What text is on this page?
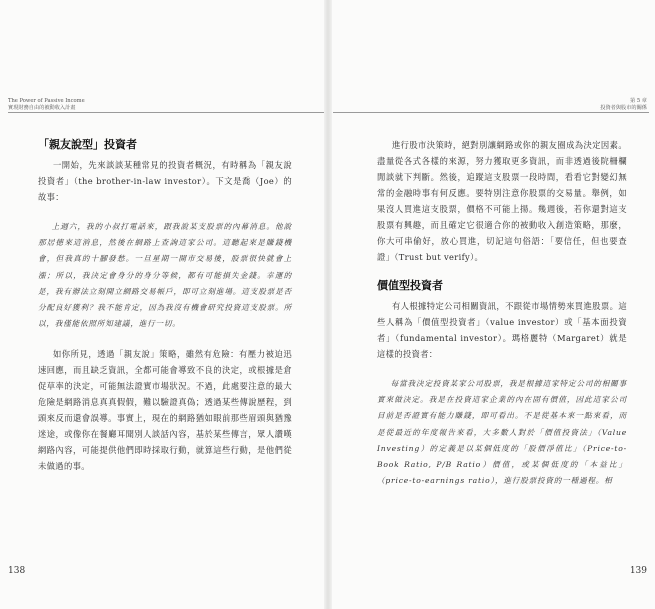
The Power of Passive Income
實現財務自由的被動收入計畫
「親友說型」投資者

一開始，先來談談某種常見的投資者概況，有時稱為「親友說投資者」（the brother-in-law investor）。下文是喬（Joe）的故事：

上週六，我的小叔打電話來，跟我說某支股票的內幕消息。他說那居德來這消息，然後在網路上查詢這家公司。這聽起來是賺錢機會，但我真的十腳發愁。一旦星期一開市交易後，股票很快就會上漲；所以，我決定會身分的身分等候，都有可能損失金錢。幸運的是，我有辦法立刻開立網路交易帳戶，即可立刻進場。這支股票是否分配良好獲利？我不能肯定，因為我沒有機會研究投資這支股票。所以，我僅能依照所知建議，進行一切。

如你所見，透過「親友說」策略，雖然有危險：有壓力被迫迅速回應，而且缺乏資訊，全都可能會導致不良的決定，或根據是倉促草率的決定，可能無法證實市場狀況。不過，此處要注意的最大危險是網路消息真真假假，難以驗證真偽；透過某些傳說歷程，到頭來反而還會誤導。事實上，現在的網路猶如眼前那些眉頭與猶豫迷途，或像你在餐廳耳聞別人談話內容，基於某些傳言，眾人讚嘆網路內容，可能提供他們即時採取行動，就算這些行動，是他們從未做過的事。

138
第 5 章
投資者與股市的關係

進行股市決策時，絕對別讓網路或你的親友圈成為決定因素。盡量從各式各樣的來源，努力獲取更多資訊，而非透過後院柵欄閒談就下判斷。然後，追蹤這支股票一段時間，看看它對變幻無常的金融時事有何反應。要特別注意你股票的交易量。舉例，如果沒人買進這支股票，價格不可能上揚。幾週後，若你還對這支股票有興趣，而且確定它很適合你的被動收入創造策略，那麼，你大可串偷好，放心買進，切記這句俗語：「要信任，但也要查證」（Trust but verify）。

價值型投資者

有人根據特定公司相關資訊，不跟從市場情勢來買進股票。這些人稱為「價值型投資者」（value investor）或「基本面投資者」（fundamental investor）。瑪格麗特（Margaret）就是這樣的投資者：

每當我決定投資某家公司股票，我是根據這家特定公司的相關事實來做決定。我是在投資這家企業的內在固有價值，因此這家公司目前是否證實有能力賺錢，即可看出。不是從基本來一點來看，而是從最近的年度報告來看，大多數人對於「價值投資法」（Value Investing）的定義是以某個低度的「股價淨值比」（Price-to-Book Ratio, P/B Ratio）價值，或某個低度的「本益比」（price-to-earnings ratio），進行股票投資的一種過程。相

139
